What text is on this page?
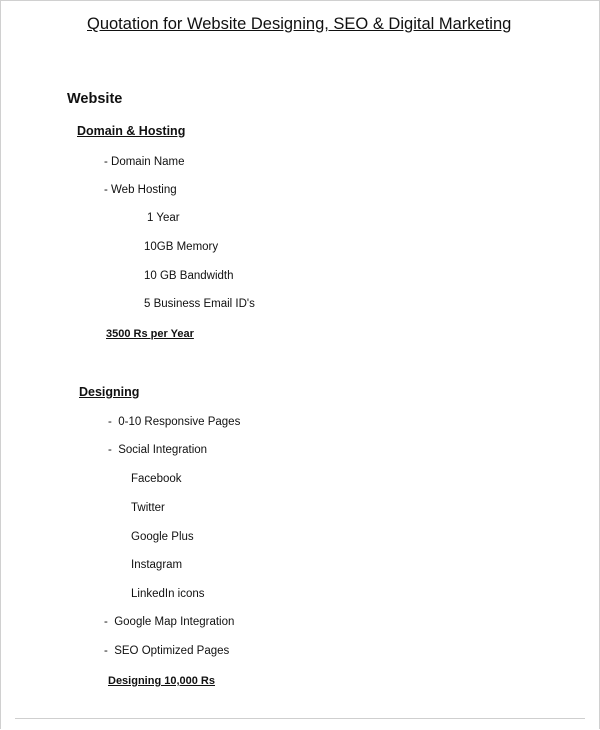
Quotation for Website Designing, SEO & Digital Marketing
Website
Domain & Hosting
- Domain Name
- Web Hosting
1 Year
10GB Memory
10 GB Bandwidth
5 Business Email ID's
3500 Rs per Year
Designing
-  0-10 Responsive Pages
-  Social Integration
Facebook
Twitter
Google Plus
Instagram
LinkedIn icons
-  Google Map Integration
-  SEO Optimized Pages
Designing 10,000 Rs
